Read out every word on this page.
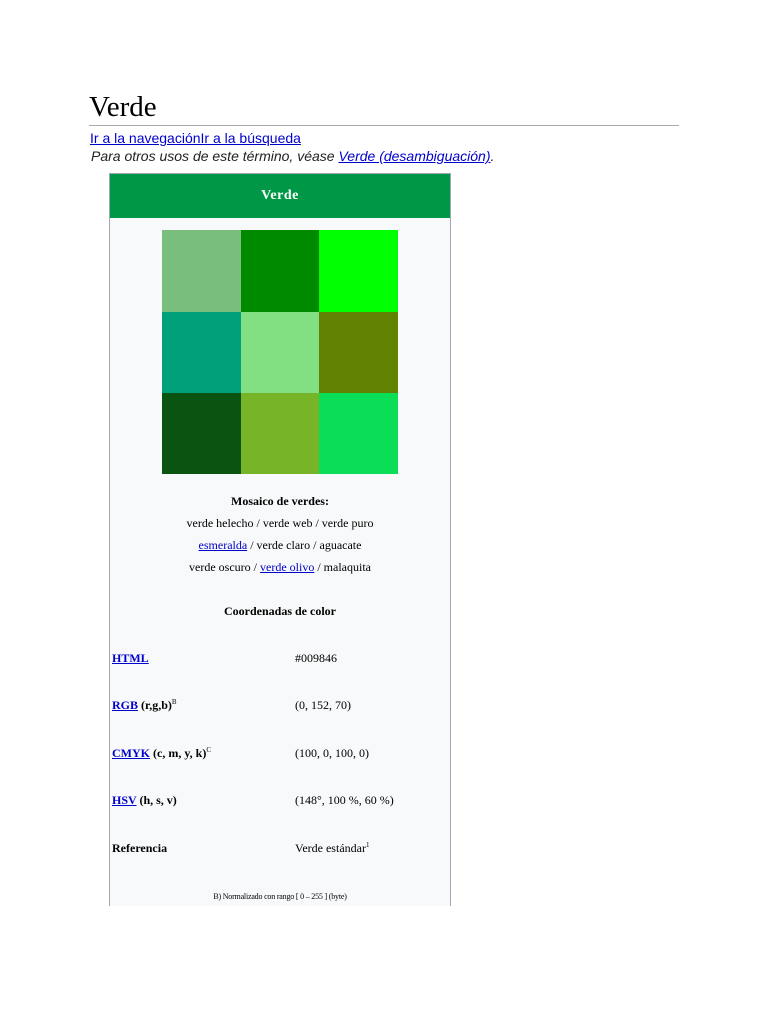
Verde
Ir a la navegaciónIr a la búsqueda
Para otros usos de este término, véase Verde (desambiguación).
Verde
Mosaico de verdes:
verde helecho / verde web / verde puro
esmeralda / verde claro / aguacate
verde oscuro / verde olivo / malaquita
Coordenadas de color
HTML	#009846
RGB $(r,g,b)^B$	(0, 152, 70)
CMYK (c, m, y, k)$^C$	(100, 0, 100, 0)
HSV (h, s, v)	(148°, 100 %, 60 %)
Referencia	Verde estándar$^1$
B) Normalizado con rango [ 0 – 255 ] (byte)
